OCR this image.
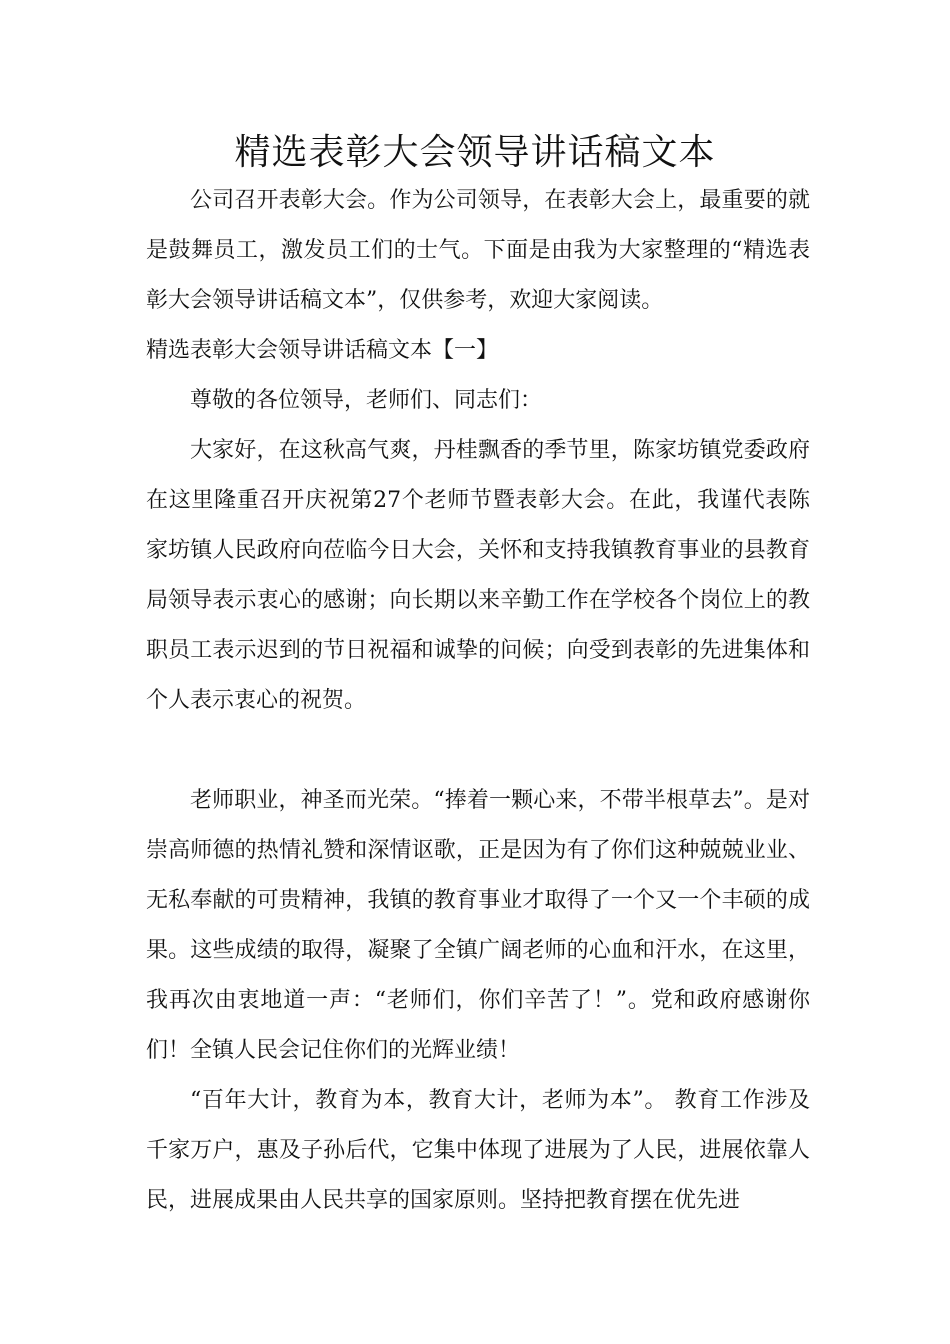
精选表彰大会领导讲话稿文本

公司召开表彰大会。作为公司领导，在表彰大会上，最重要的就是鼓舞员工，激发员工们的士气。下面是由我为大家整理的“精选表彰大会领导讲话稿文本”，仅供参考，欢迎大家阅读。

精选表彰大会领导讲话稿文本【一】

尊敬的各位领导，老师们、同志们：

大家好，在这秋高气爽，丹桂飘香的季节里，陈家坊镇党委政府在这里隆重召开庆祝第27个老师节暨表彰大会。在此，我谨代表陈家坊镇人民政府向莅临今日大会，关怀和支持我镇教育事业的县教育局领导表示衷心的感谢；向长期以来辛勤工作在学校各个岗位上的教职员工表示迟到的节日祝福和诚挚的问候；向受到表彰的先进集体和个人表示衷心的祝贺。

老师职业，神圣而光荣。“捧着一颗心来，不带半根草去”。是对崇高师德的热情礼赞和深情讴歌，正是因为有了你们这种兢兢业业、无私奉献的可贵精神，我镇的教育事业才取得了一个又一个丰硕的成果。这些成绩的取得，凝聚了全镇广阔老师的心血和汗水，在这里，我再次由衷地道一声：“老师们，你们辛苦了！”。党和政府感谢你们！全镇人民会记住你们的光辉业绩！

“百年大计，教育为本，教育大计，老师为本”。 教育工作涉及千家万户，惠及子孙后代，它集中体现了进展为了人民，进展依靠人民，进展成果由人民共享的国家原则。坚持把教育摆在优先进
